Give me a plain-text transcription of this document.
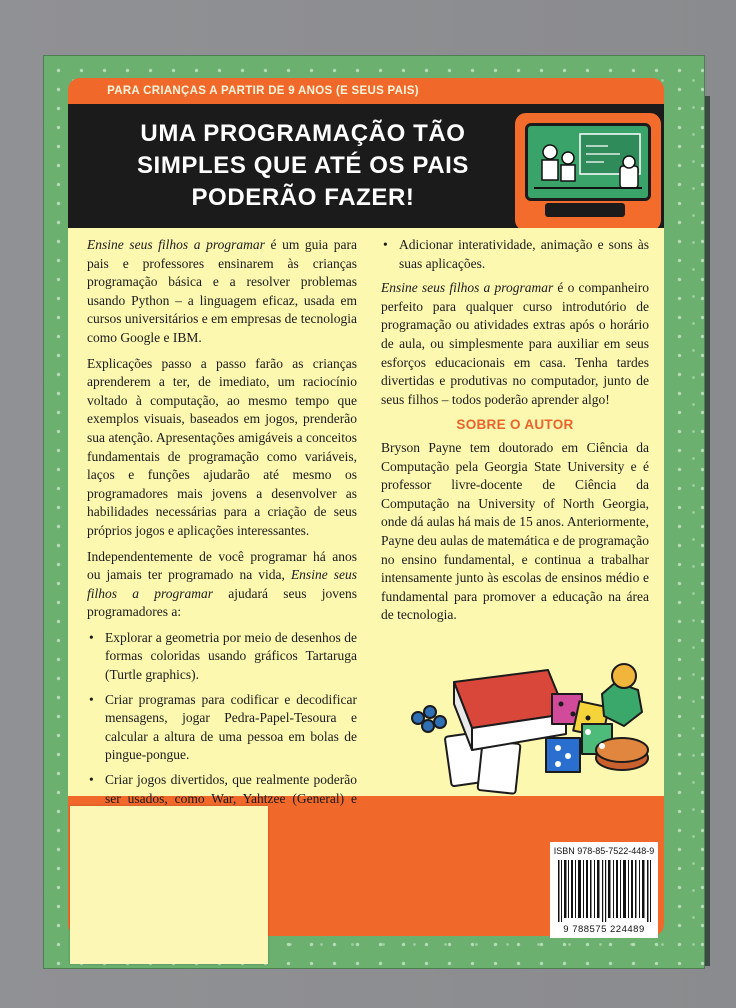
PARA CRIANÇAS A PARTIR DE 9 ANOS (E SEUS PAIS)
UMA PROGRAMAÇÃO TÃO
SIMPLES QUE ATÉ OS PAIS
PODERÃO FAZER!

Ensine seus filhos a programar é um guia para pais e professores ensinarem às crianças programação básica e a resolver problemas usando Python – a linguagem eficaz, usada em cursos universitários e em empresas de tecnologia como Google e IBM.

Explicações passo a passo farão as crianças aprenderem a ter, de imediato, um raciocínio voltado à computação, ao mesmo tempo que exemplos visuais, baseados em jogos, prenderão sua atenção. Apresentações amigáveis a conceitos fundamentais de programação como variáveis, laços e funções ajudarão até mesmo os programadores mais jovens a desenvolver as habilidades necessárias para a criação de seus próprios jogos e aplicações interessantes.

Independentemente de você programar há anos ou jamais ter programado na vida, Ensine seus filhos a programar ajudará seus jovens programadores a:

• Explorar a geometria por meio de desenhos de formas coloridas usando gráficos Tartaruga (Turtle graphics).
• Criar programas para codificar e decodificar mensagens, jogar Pedra-Papel-Tesoura e calcular a altura de uma pessoa em bolas de pingue-pongue.
• Criar jogos divertidos, que realmente poderão ser usados, como War, Yahtzee (General) e
• Adicionar interatividade, animação e sons às suas aplicações.

Ensine seus filhos a programar é o companheiro perfeito para qualquer curso introdutório de programação ou atividades extras após o horário de aula, ou simplesmente para auxiliar em seus esforços educacionais em casa. Tenha tardes divertidas e produtivas no computador, junto de seus filhos – todos poderão aprender algo!

SOBRE O AUTOR

Bryson Payne tem doutorado em Ciência da Computação pela Georgia State University e é professor livre-docente de Ciência da Computação na University of North Georgia, onde dá aulas há mais de 15 anos. Anteriormente, Payne deu aulas de matemática e de programação no ensino fundamental, e continua a trabalhar intensamente junto às escolas de ensinos médio e fundamental para promover a educação na área de tecnologia.

ISBN 978-85-7522-448-9
9 788575 224489
